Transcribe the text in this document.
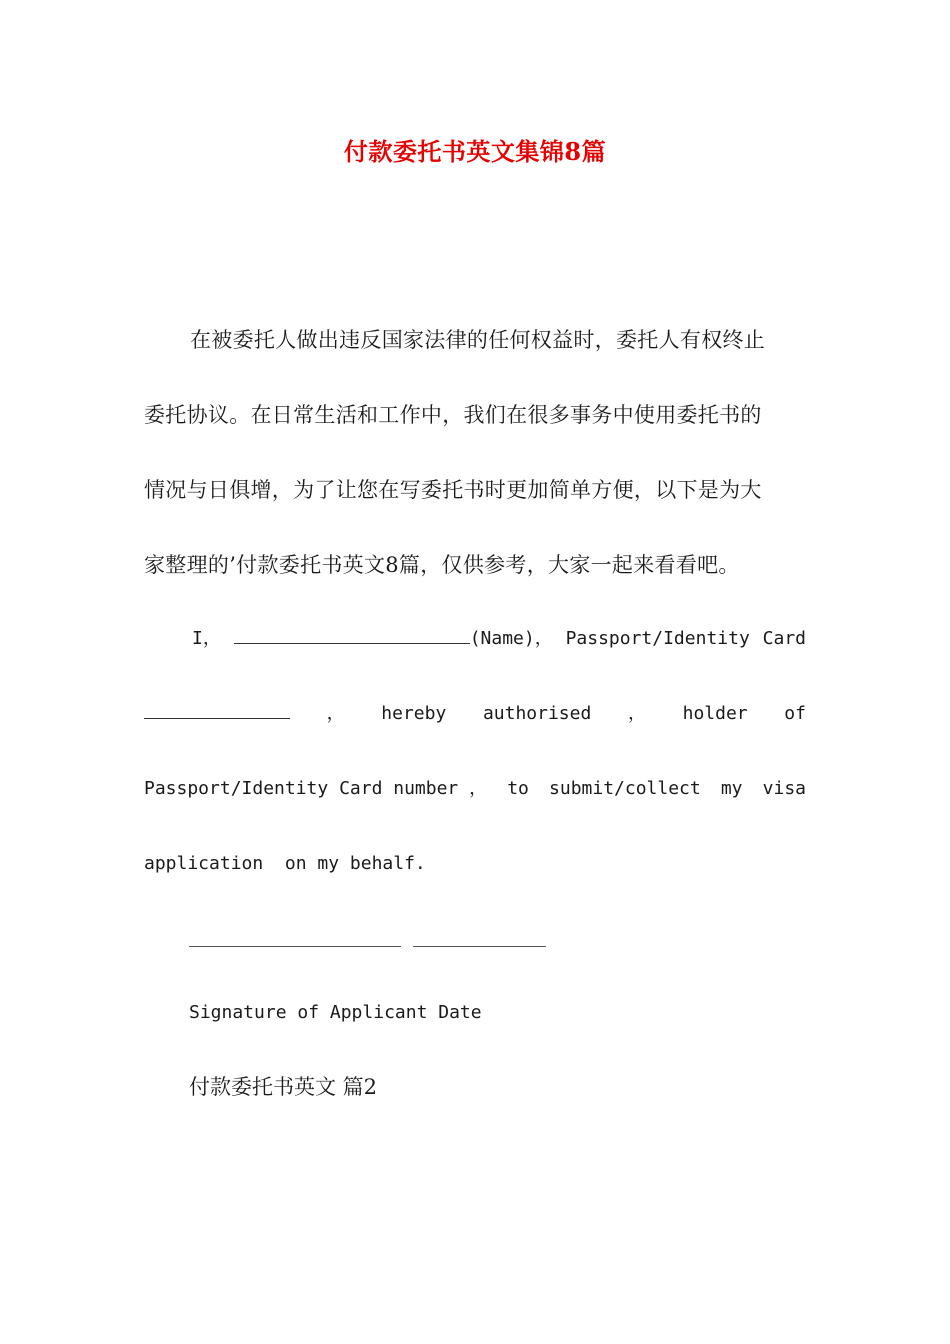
付款委托书英文集锦8篇
在被委托人做出违反国家法律的任何权益时，委托人有权终止
委托协议。在日常生活和工作中，我们在很多事务中使用委托书的
情况与日俱增，为了让您在写委托书时更加简单方便，以下是为大
家整理的’付款委托书英文8篇，仅供参考，大家一起来看看吧。
I，	(Name)， Passport/Identity Card
， hereby authorised ， holder of
Passport/Identity Card number ， to submit/collect my visa
application  on my behalf.
Signature of Applicant Date
付款委托书英文 篇2
